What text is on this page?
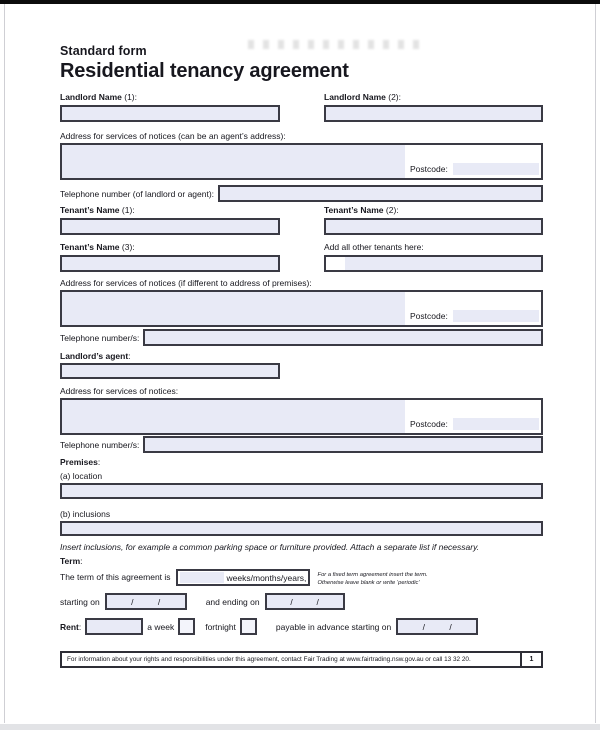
Standard form
Residential tenancy agreement
Landlord Name (1):	Landlord Name (2):
Address for services of notices (can be an agent’s address):
Postcode:
Telephone number (of landlord or agent):
Tenant’s Name (1):	Tenant’s Name (2):
Tenant’s Name (3):	Add all other tenants here:
Address for services of notices (if different to address of premises):
Postcode:
Telephone number/s:
Landlord’s agent:
Address for services of notices:
Postcode:
Telephone number/s:
Premises:
(a) location
(b) inclusions
Insert inclusions, for example a common parking space or furniture provided. Attach a separate list if necessary.
Term:
The term of this agreement is	weeks/months/years, For a fixed term agreement insert the term.
Otherwise leave blank or write ‘periodic’
starting on	/	/	and ending on	/	/
Rent:	a week	fortnight	payable in advance starting on	/	/
For information about your rights and responsibilities under this agreement, contact Fair Trading at www.fairtrading.nsw.gov.au or call 13 32 20.	1
